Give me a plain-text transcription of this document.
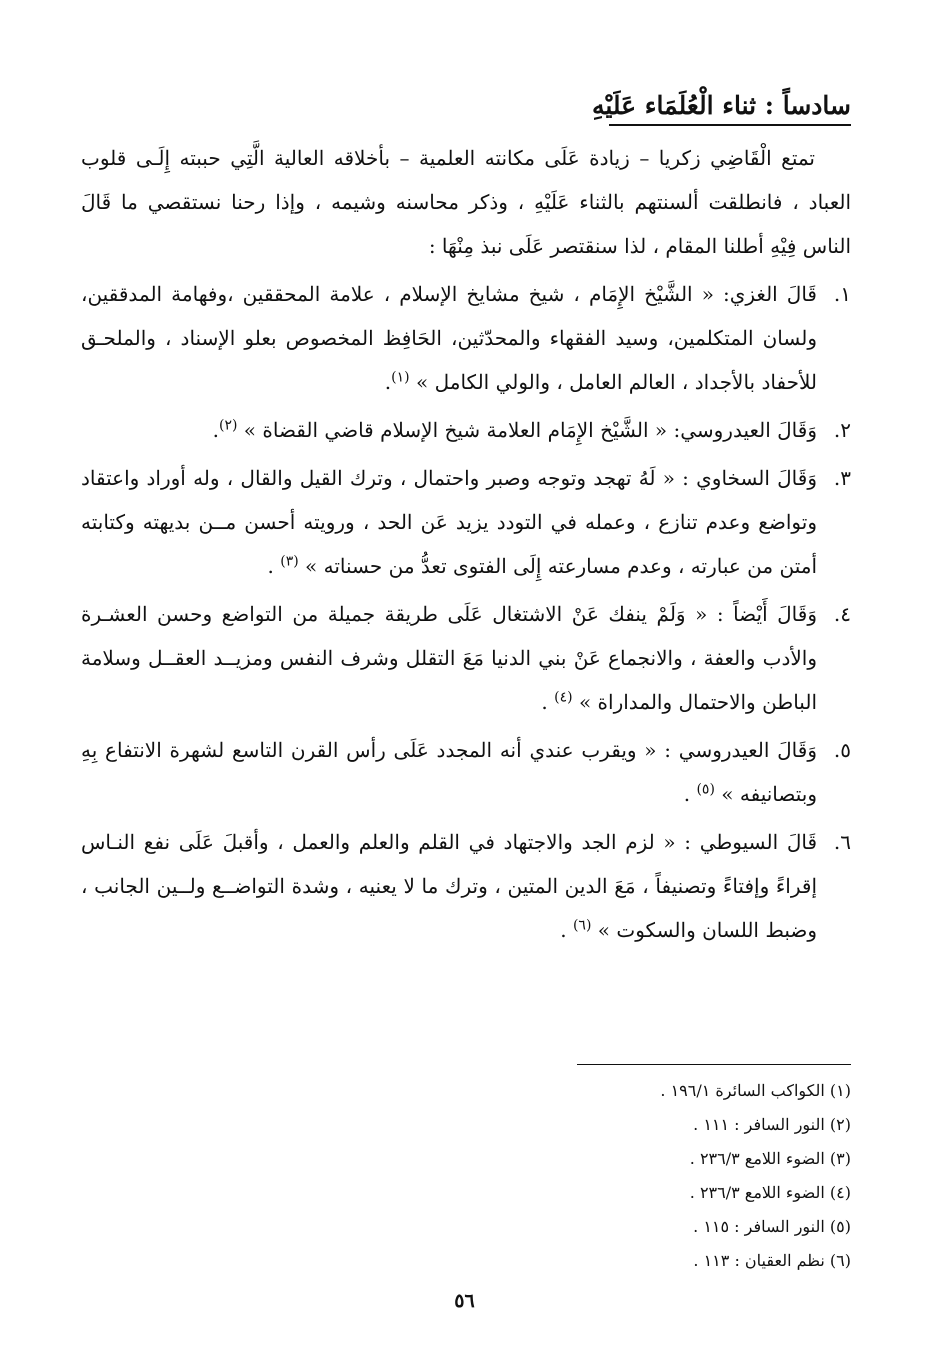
سادساً : ثناء الْعُلَمَاء عَلَيْهِ

تمتع الْقَاضِي زكريا – زيادة عَلَى مكانته العلمية – بأخلاقه العالية الَّتِي حببته إِلَـى قلوب العباد ، فانطلقت ألسنتهم بالثناء عَلَيْهِ ، وذكر محاسنه وشيمه ، وإذا رحنا نستقصي ما قَالَ الناس فِيْهِ أطلنا المقام ، لذا سنقتصر عَلَى نبذ مِنْهَا :

١.
قَالَ الغزي: « الشَّيْخ الإِمَام ، شيخ مشايخ الإسلام ، علامة المحققين ،وفهامة المدققين، ولسان المتكلمين، وسيد الفقهاء والمحدّثين، الحَافِظ المخصوص بعلو الإسناد ، والملحـق للأحفاد بالأجداد ، العالم العامل ، والولي الكامل » $^{(١)}$.

٢.
وَقَالَ العيدروسي: « الشَّيْخ الإِمَام العلامة شيخ الإسلام قاضي القضاة » $^{(٢)}$.

٣.
وَقَالَ السخاوي : « لَهُ تهجد وتوجه وصبر واحتمال ، وترك القيل والقال ، وله أوراد واعتقاد وتواضع وعدم تنازع ، وعمله في التودد يزيد عَن الحد ، ورويته أحسن مــن بديهته وكتابته أمتن من عبارته ، وعدم مسارعته إِلَى الفتوى تعدُّ من حسناته » $^{(٣)}$ .

٤.
وَقَالَ أَيْضاً : « وَلَمْ ينفك عَنْ الاشتغال عَلَى طريقة جميلة من التواضع وحسن العشـرة والأدب والعفة ، والانجماع عَنْ بني الدنيا مَعَ التقلل وشرف النفس ومزيــد العقــل وسلامة الباطن والاحتمال والمداراة » $^{(٤)}$ .

٥.
وَقَالَ العيدروسي : « ويقرب عندي أنه المجدد عَلَى رأس القرن التاسع لشهرة الانتفاع بِهِ وبتصانيفه » $^{(٥)}$ .

٦.
قَالَ السيوطي : « لزم الجد والاجتهاد في القلم والعلم والعمل ، وأقبلَ عَلَى نفع النـاس إقراءً وإفتاءً وتصنيفاً ، مَعَ الدين المتين ، وترك ما لا يعنيه ، وشدة التواضــع ولــين الجانب ، وضبط اللسان والسكوت » $^{(٦)}$ .

(١) الكواكب السائرة ١٩٦/١ .
(٢) النور السافر : ١١١ .
(٣) الضوء اللامع ٢٣٦/٣ .
(٤) الضوء اللامع ٢٣٦/٣ .
(٥) النور السافر : ١١٥ .
(٦) نظم العقيان : ١١٣ .
٥٦
